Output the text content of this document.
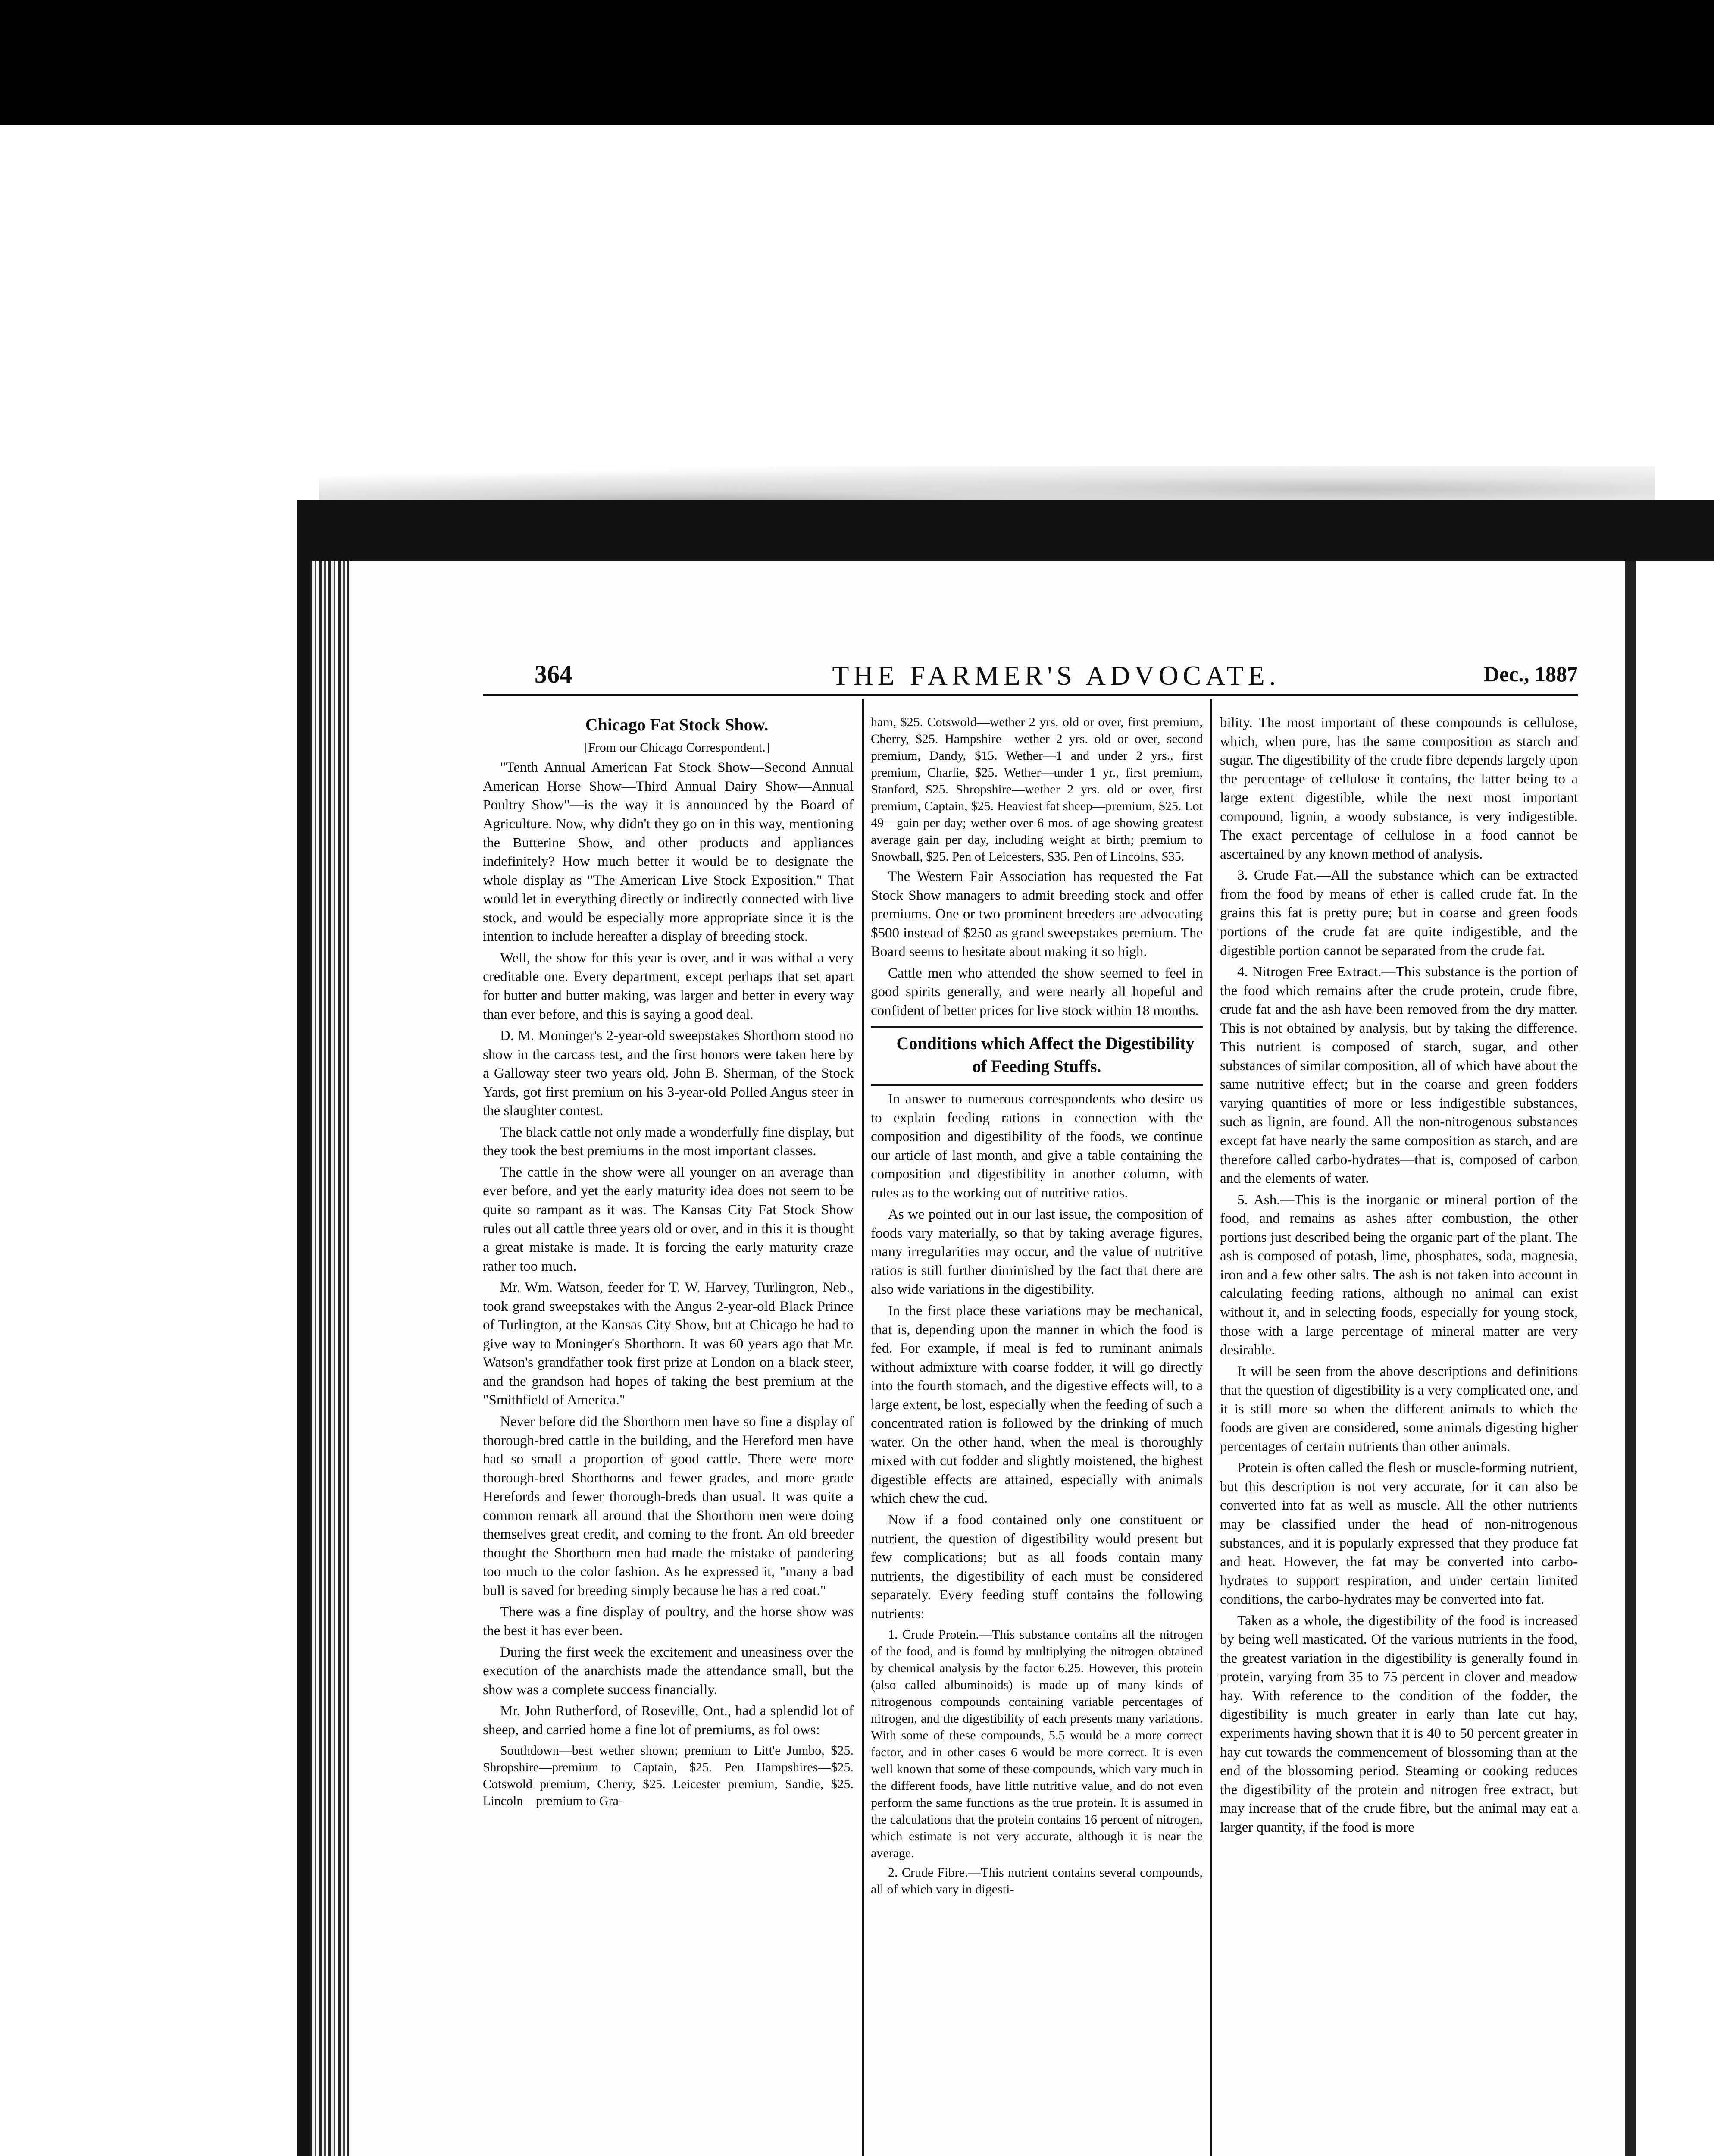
364	THE FARMER'S ADVOCATE.	Dec., 1887

Chicago Fat Stock Show.

[From our Chicago Correspondent.]

"Tenth Annual American Fat Stock Show—Second Annual American Horse Show—Third Annual Dairy Show—Annual Poultry Show"—is the way it is announced by the Board of Agriculture. Now, why didn't they go on in this way, mentioning the Butterine Show, and other products and appliances indefinitely? How much better it would be to designate the whole display as "The American Live Stock Exposition." That would let in everything directly or indirectly connected with live stock, and would be especially more appropriate since it is the intention to include hereafter a display of breeding stock.

Well, the show for this year is over, and it was withal a very creditable one. Every department, except perhaps that set apart for butter and butter making, was larger and better in every way than ever before, and this is saying a good deal.

D. M. Moninger's 2-year-old sweepstakes Shorthorn stood no show in the carcass test, and the first honors were taken here by a Galloway steer two years old. John B. Sherman, of the Stock Yards, got first premium on his 3-year-old Polled Angus steer in the slaughter contest.

The black cattle not only made a wonderfully fine display, but they took the best premiums in the most important classes.

The cattle in the show were all younger on an average than ever before, and yet the early maturity idea does not seem to be quite so rampant as it was. The Kansas City Fat Stock Show rules out all cattle three years old or over, and in this it is thought a great mistake is made. It is forcing the early maturity craze rather too much.

Mr. Wm. Watson, feeder for T. W. Harvey, Turlington, Neb., took grand sweepstakes with the Angus 2-year-old Black Prince of Turlington, at the Kansas City Show, but at Chicago he had to give way to Moninger's Shorthorn. It was 60 years ago that Mr. Watson's grandfather took first prize at London on a black steer, and the grandson had hopes of taking the best premium at the "Smithfield of America."

Never before did the Shorthorn men have so fine a display of thorough-bred cattle in the building, and the Hereford men have had so small a proportion of good cattle. There were more thorough-bred Shorthorns and fewer grades, and more grade Herefords and fewer thorough-breds than usual. It was quite a common remark all around that the Shorthorn men were doing themselves great credit, and coming to the front. An old breeder thought the Shorthorn men had made the mistake of pandering too much to the color fashion. As he expressed it, "many a bad bull is saved for breeding simply because he has a red coat."

There was a fine display of poultry, and the horse show was the best it has ever been.

During the first week the excitement and uneasiness over the execution of the anarchists made the attendance small, but the show was a complete success financially.

Mr. John Rutherford, of Roseville, Ont., had a splendid lot of sheep, and carried home a fine lot of premiums, as fol ows:

Southdown—best wether shown; premium to Litt'e Jumbo, $25. Shropshire—premium to Captain, $25. Pen Hampshires—$25. Cotswold premium, Cherry, $25. Leicester premium, Sandie, $25. Lincoln—premium to Gra-

ham, $25. Cotswold—wether 2 yrs. old or over, first premium, Cherry, $25. Hampshire—wether 2 yrs. old or over, second premium, Dandy, $15. Wether—1 and under 2 yrs., first premium, Charlie, $25. Wether—under 1 yr., first premium, Stanford, $25. Shropshire—wether 2 yrs. old or over, first premium, Captain, $25. Heaviest fat sheep—premium, $25. Lot 49—gain per day; wether over 6 mos. of age showing greatest average gain per day, including weight at birth; premium to Snowball, $25. Pen of Leicesters, $35. Pen of Lincolns, $35.

The Western Fair Association has requested the Fat Stock Show managers to admit breeding stock and offer premiums. One or two prominent breeders are advocating $500 instead of $250 as grand sweepstakes premium. The Board seems to hesitate about making it so high.

Cattle men who attended the show seemed to feel in good spirits generally, and were nearly all hopeful and confident of better prices for live stock within 18 months.

Conditions which Affect the Digestibility of Feeding Stuffs.

In answer to numerous correspondents who desire us to explain feeding rations in connection with the composition and digestibility of the foods, we continue our article of last month, and give a table containing the composition and digestibility in another column, with rules as to the working out of nutritive ratios.

As we pointed out in our last issue, the composition of foods vary materially, so that by taking average figures, many irregularities may occur, and the value of nutritive ratios is still further diminished by the fact that there are also wide variations in the digestibility.

In the first place these variations may be mechanical, that is, depending upon the manner in which the food is fed. For example, if meal is fed to ruminant animals without admixture with coarse fodder, it will go directly into the fourth stomach, and the digestive effects will, to a large extent, be lost, especially when the feeding of such a concentrated ration is followed by the drinking of much water. On the other hand, when the meal is thoroughly mixed with cut fodder and slightly moistened, the highest digestible effects are attained, especially with animals which chew the cud.

Now if a food contained only one constituent or nutrient, the question of digestibility would present but few complications; but as all foods contain many nutrients, the digestibility of each must be considered separately. Every feeding stuff contains the following nutrients:

1. Crude Protein.—This substance contains all the nitrogen of the food, and is found by multiplying the nitrogen obtained by chemical analysis by the factor 6.25. However, this protein (also called albuminoids) is made up of many kinds of nitrogenous compounds containing variable percentages of nitrogen, and the digestibility of each presents many variations. With some of these compounds, 5.5 would be a more correct factor, and in other cases 6 would be more correct. It is even well known that some of these compounds, which vary much in the different foods, have little nutritive value, and do not even perform the same functions as the true protein. It is assumed in the calculations that the protein contains 16 percent of nitrogen, which estimate is not very accurate, although it is near the average.

2. Crude Fibre.—This nutrient contains several compounds, all of which vary in digesti-

bility. The most important of these compounds is cellulose, which, when pure, has the same composition as starch and sugar. The digestibility of the crude fibre depends largely upon the percentage of cellulose it contains, the latter being to a large extent digestible, while the next most important compound, lignin, a woody substance, is very indigestible. The exact percentage of cellulose in a food cannot be ascertained by any known method of analysis.

3. Crude Fat.—All the substance which can be extracted from the food by means of ether is called crude fat. In the grains this fat is pretty pure; but in coarse and green foods portions of the crude fat are quite indigestible, and the digestible portion cannot be separated from the crude fat.

4. Nitrogen Free Extract.—This substance is the portion of the food which remains after the crude protein, crude fibre, crude fat and the ash have been removed from the dry matter. This is not obtained by analysis, but by taking the difference. This nutrient is composed of starch, sugar, and other substances of similar composition, all of which have about the same nutritive effect; but in the coarse and green fodders varying quantities of more or less indigestible substances, such as lignin, are found. All the non-nitrogenous substances except fat have nearly the same composition as starch, and are therefore called carbo-hydrates—that is, composed of carbon and the elements of water.

5. Ash.—This is the inorganic or mineral portion of the food, and remains as ashes after combustion, the other portions just described being the organic part of the plant. The ash is composed of potash, lime, phosphates, soda, magnesia, iron and a few other salts. The ash is not taken into account in calculating feeding rations, although no animal can exist without it, and in selecting foods, especially for young stock, those with a large percentage of mineral matter are very desirable.

It will be seen from the above descriptions and definitions that the question of digestibility is a very complicated one, and it is still more so when the different animals to which the foods are given are considered, some animals digesting higher percentages of certain nutrients than other animals.

Protein is often called the flesh or muscle-forming nutrient, but this description is not very accurate, for it can also be converted into fat as well as muscle. All the other nutrients may be classified under the head of non-nitrogenous substances, and it is popularly expressed that they produce fat and heat. However, the fat may be converted into carbo-hydrates to support respiration, and under certain limited conditions, the carbo-hydrates may be converted into fat.

Taken as a whole, the digestibility of the food is increased by being well masticated. Of the various nutrients in the food, the greatest variation in the digestibility is generally found in protein, varying from 35 to 75 percent in clover and meadow hay. With reference to the condition of the fodder, the digestibility is much greater in early than late cut hay, experiments having shown that it is 40 to 50 percent greater in hay cut towards the commencement of blossoming than at the end of the blossoming period. Steaming or cooking reduces the digestibility of the protein and nitrogen free extract, but may increase that of the crude fibre, but the animal may eat a larger quantity, if the food is more
